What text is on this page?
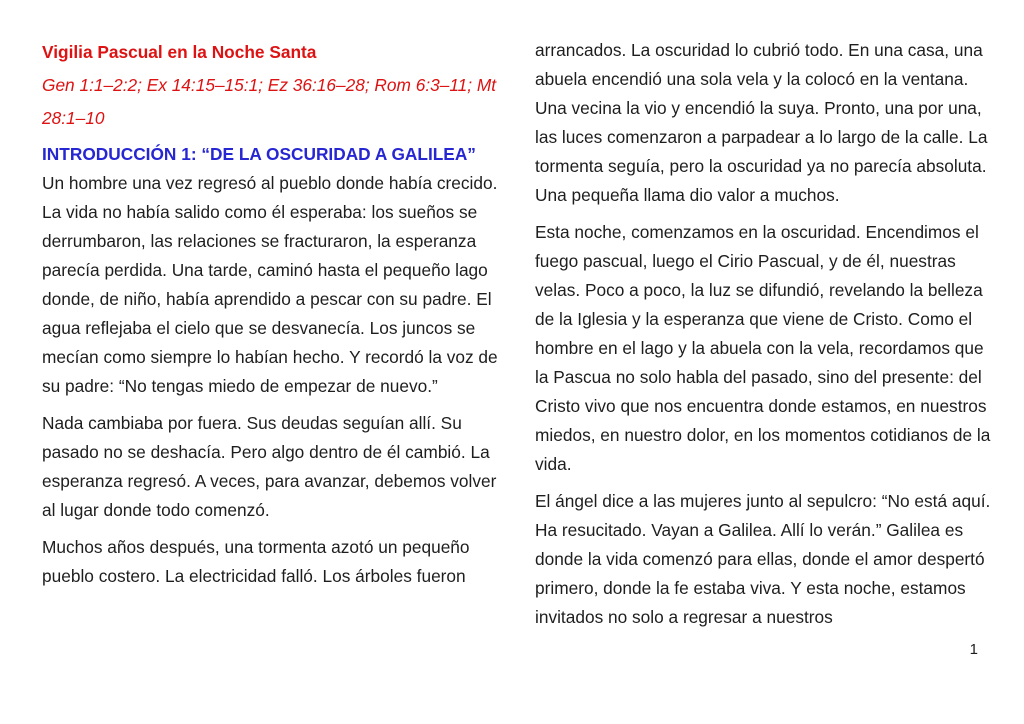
Vigilia Pascual en la Noche Santa

Gen 1:1–2:2; Ex 14:15–15:1; Ez 36:16–28; Rom 6:3–11; Mt 28:1–10

INTRODUCCIÓN 1: “DE LA OSCURIDAD A GALILEA”

Un hombre una vez regresó al pueblo donde había crecido. La vida no había salido como él esperaba: los sueños se derrumbaron, las relaciones se fracturaron, la esperanza parecía perdida. Una tarde, caminó hasta el pequeño lago donde, de niño, había aprendido a pescar con su padre. El agua reflejaba el cielo que se desvanecía. Los juncos se mecían como siempre lo habían hecho. Y recordó la voz de su padre: “No tengas miedo de empezar de nuevo.”

Nada cambiaba por fuera. Sus deudas seguían allí. Su pasado no se deshacía. Pero algo dentro de él cambió. La esperanza regresó. A veces, para avanzar, debemos volver al lugar donde todo comenzó.

Muchos años después, una tormenta azotó un pequeño pueblo costero. La electricidad falló. Los árboles fueron

arrancados. La oscuridad lo cubrió todo. En una casa, una abuela encendió una sola vela y la colocó en la ventana. Una vecina la vio y encendió la suya. Pronto, una por una, las luces comenzaron a parpadear a lo largo de la calle. La tormenta seguía, pero la oscuridad ya no parecía absoluta. Una pequeña llama dio valor a muchos.

Esta noche, comenzamos en la oscuridad. Encendimos el fuego pascual, luego el Cirio Pascual, y de él, nuestras velas. Poco a poco, la luz se difundió, revelando la belleza de la Iglesia y la esperanza que viene de Cristo. Como el hombre en el lago y la abuela con la vela, recordamos que la Pascua no solo habla del pasado, sino del presente: del Cristo vivo que nos encuentra donde estamos, en nuestros miedos, en nuestro dolor, en los momentos cotidianos de la vida.

El ángel dice a las mujeres junto al sepulcro: “No está aquí. Ha resucitado. Vayan a Galilea. Allí lo verán.” Galilea es donde la vida comenzó para ellas, donde el amor despertó primero, donde la fe estaba viva. Y esta noche, estamos invitados no solo a regresar a nuestros

1
